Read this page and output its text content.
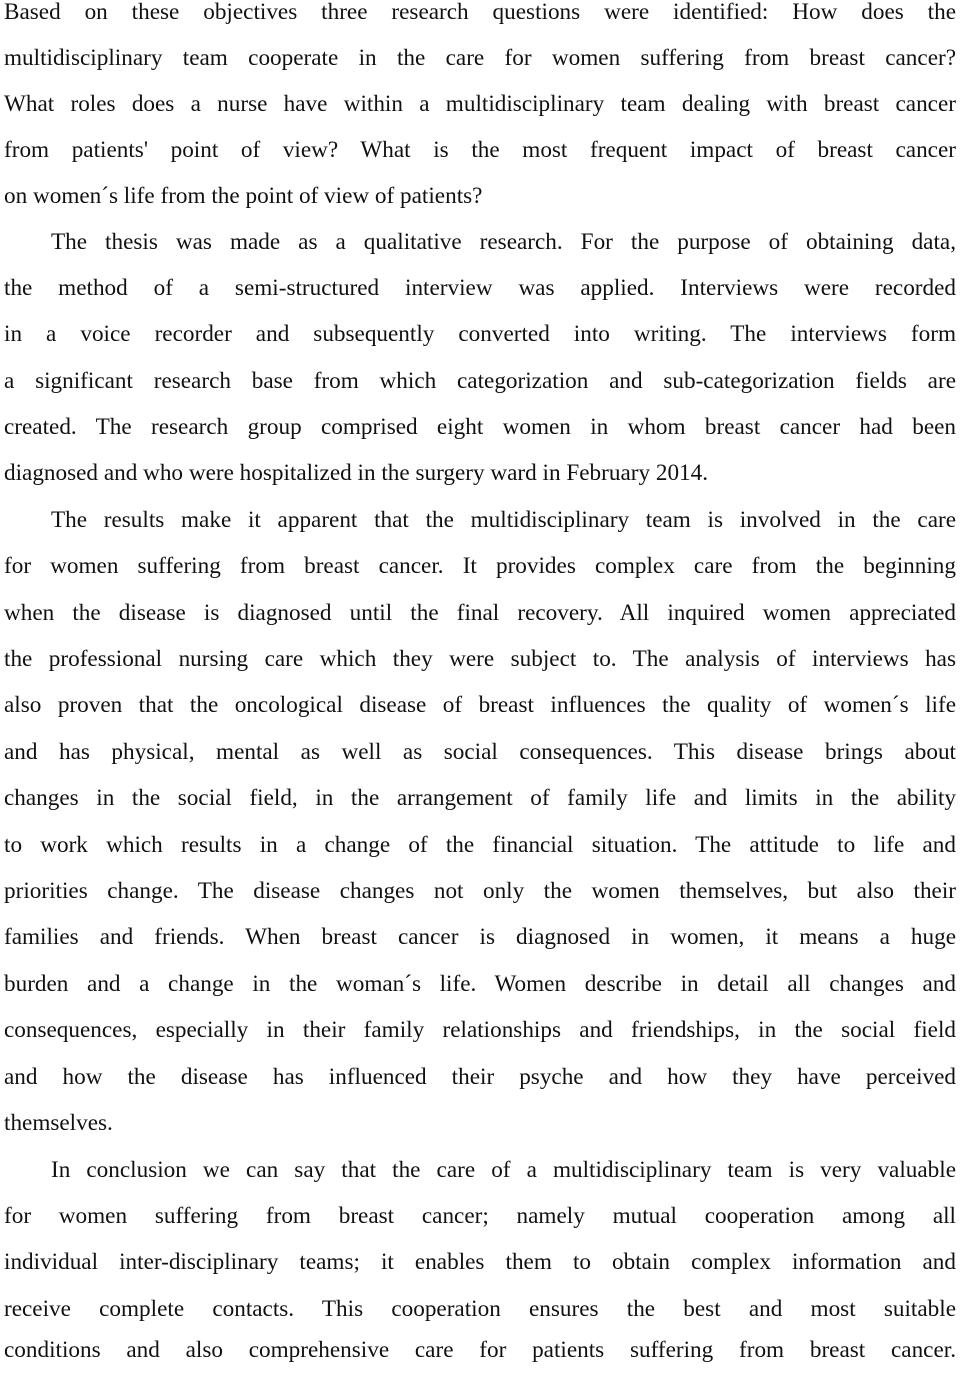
Based on these objectives three research questions were identified: How does the
multidisciplinary team cooperate in the care for women suffering from breast cancer?
What roles does a nurse have within a multidisciplinary team dealing with breast cancer
from patients' point of view? What is the most frequent impact of breast cancer
on women´s life from the point of view of patients?
The thesis was made as a qualitative research. For the purpose of obtaining data,
the method of a semi-structured interview was applied. Interviews were recorded
in a voice recorder and subsequently converted into writing. The interviews form
a significant research base from which categorization and sub-categorization fields are
created. The research group comprised eight women in whom breast cancer had been
diagnosed and who were hospitalized in the surgery ward in February 2014.
The results make it apparent that the multidisciplinary team is involved in the care
for women suffering from breast cancer. It provides complex care from the beginning
when the disease is diagnosed until the final recovery. All inquired women appreciated
the professional nursing care which they were subject to. The analysis of interviews has
also proven that the oncological disease of breast influences the quality of women´s life
and has physical, mental as well as social consequences. This disease brings about
changes in the social field, in the arrangement of family life and limits in the ability
to work which results in a change of the financial situation. The attitude to life and
priorities change. The disease changes not only the women themselves, but also their
families and friends. When breast cancer is diagnosed in women, it means a huge
burden and a change in the woman´s life. Women describe in detail all changes and
consequences, especially in their family relationships and friendships, in the social field
and how the disease has influenced their psyche and how they have perceived
themselves.
In conclusion we can say that the care of a multidisciplinary team is very valuable
for women suffering from breast cancer; namely mutual cooperation among all
individual inter-disciplinary teams; it enables them to obtain complex information and
receive complete contacts. This cooperation ensures the best and most suitable
conditions and also comprehensive care for patients suffering from breast cancer.
